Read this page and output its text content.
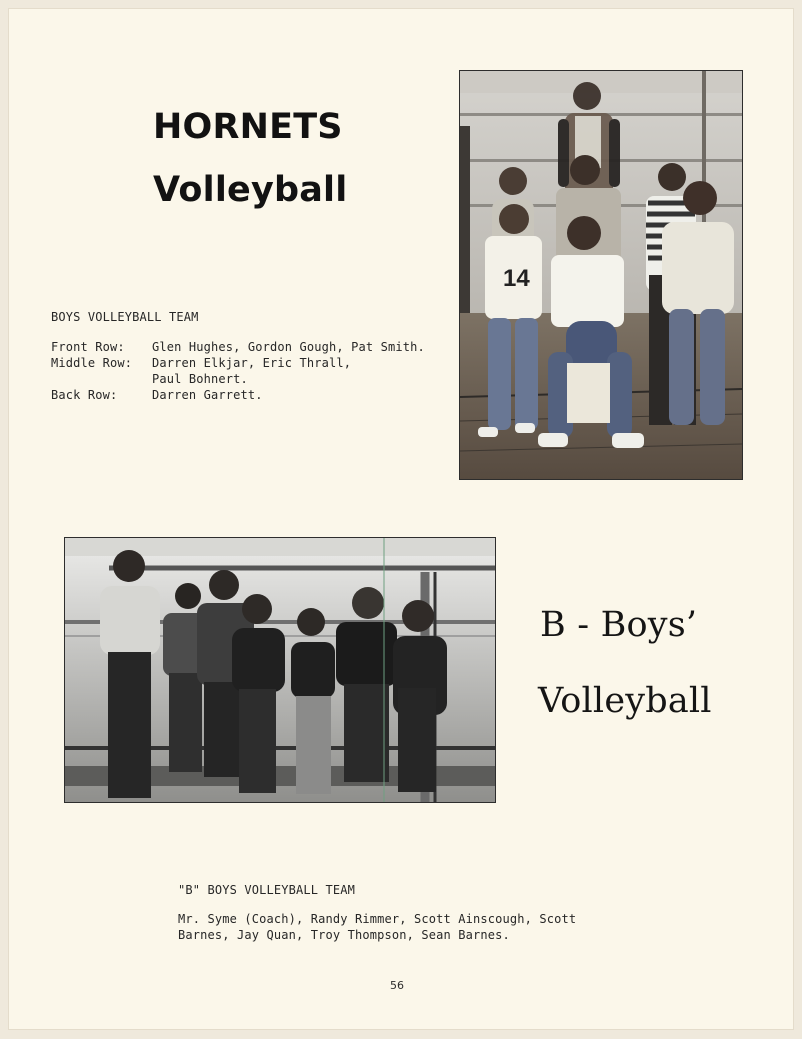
HORNETS
Volleyball
BOYS VOLLEYBALL TEAM
Front Row:	Glen Hughes, Gordon Gough, Pat Smith.
Middle Row:	Darren Elkjar, Eric Thrall,
Paul Bohnert.
Back Row:	Darren Garrett.
14
B - Boys’
Volleyball
"B" BOYS VOLLEYBALL TEAM
Mr. Syme (Coach), Randy Rimmer, Scott Ainscough, Scott
Barnes, Jay Quan, Troy Thompson, Sean Barnes.
56
